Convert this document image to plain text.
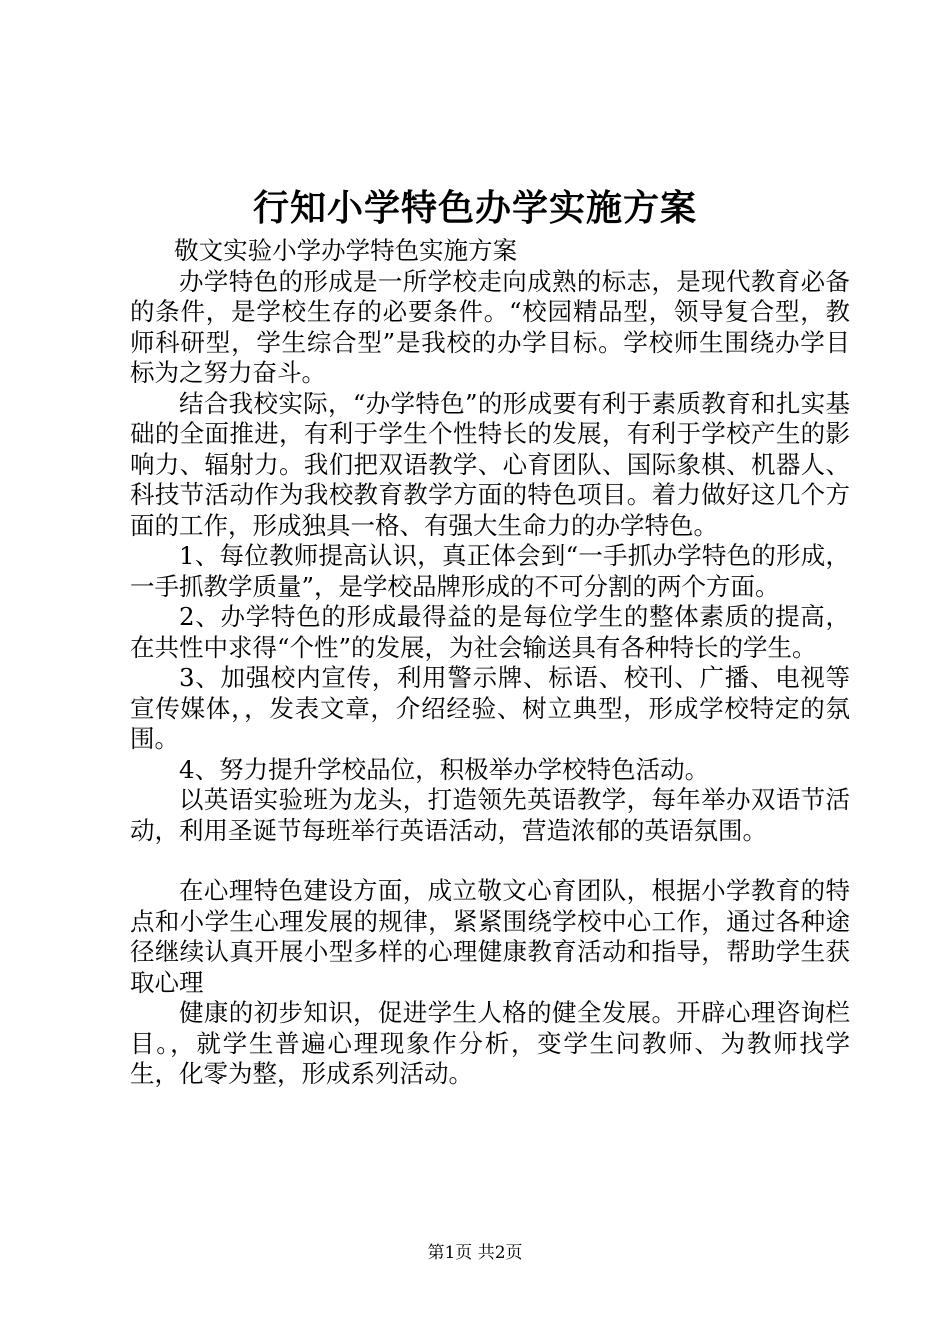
行知小学特色办学实施方案

敬文实验小学办学特色实施方案

办学特色的形成是一所学校走向成熟的标志，是现代教育必备的条件，是学校生存的必要条件。“校园精品型，领导复合型，教师科研型，学生综合型”是我校的办学目标。学校师生围绕办学目标为之努力奋斗。

结合我校实际，“办学特色”的形成要有利于素质教育和扎实基础的全面推进，有利于学生个性特长的发展，有利于学校产生的影响力、辐射力。我们把双语教学、心育团队、国际象棋、机器人、科技节活动作为我校教育教学方面的特色项目。着力做好这几个方面的工作，形成独具一格、有强大生命力的办学特色。

1、每位教师提高认识，真正体会到“一手抓办学特色的形成，一手抓教学质量”，是学校品牌形成的不可分割的两个方面。

2、办学特色的形成最得益的是每位学生的整体素质的提高，在共性中求得“个性”的发展，为社会输送具有各种特长的学生。

3、加强校内宣传，利用警示牌、标语、校刊、广播、电视等宣传媒体，，发表文章，介绍经验、树立典型，形成学校特定的氛围。

4、努力提升学校品位，积极举办学校特色活动。

以英语实验班为龙头，打造领先英语教学，每年举办双语节活动，利用圣诞节每班举行英语活动，营造浓郁的英语氛围。

在心理特色建设方面，成立敬文心育团队，根据小学教育的特点和小学生心理发展的规律，紧紧围绕学校中心工作，通过各种途径继续认真开展小型多样的心理健康教育活动和指导，帮助学生获取心理

健康的初步知识，促进学生人格的健全发展。开辟心理咨询栏目。，就学生普遍心理现象作分析，变学生问教师、为教师找学生，化零为整，形成系列活动。

第1页 共2页
